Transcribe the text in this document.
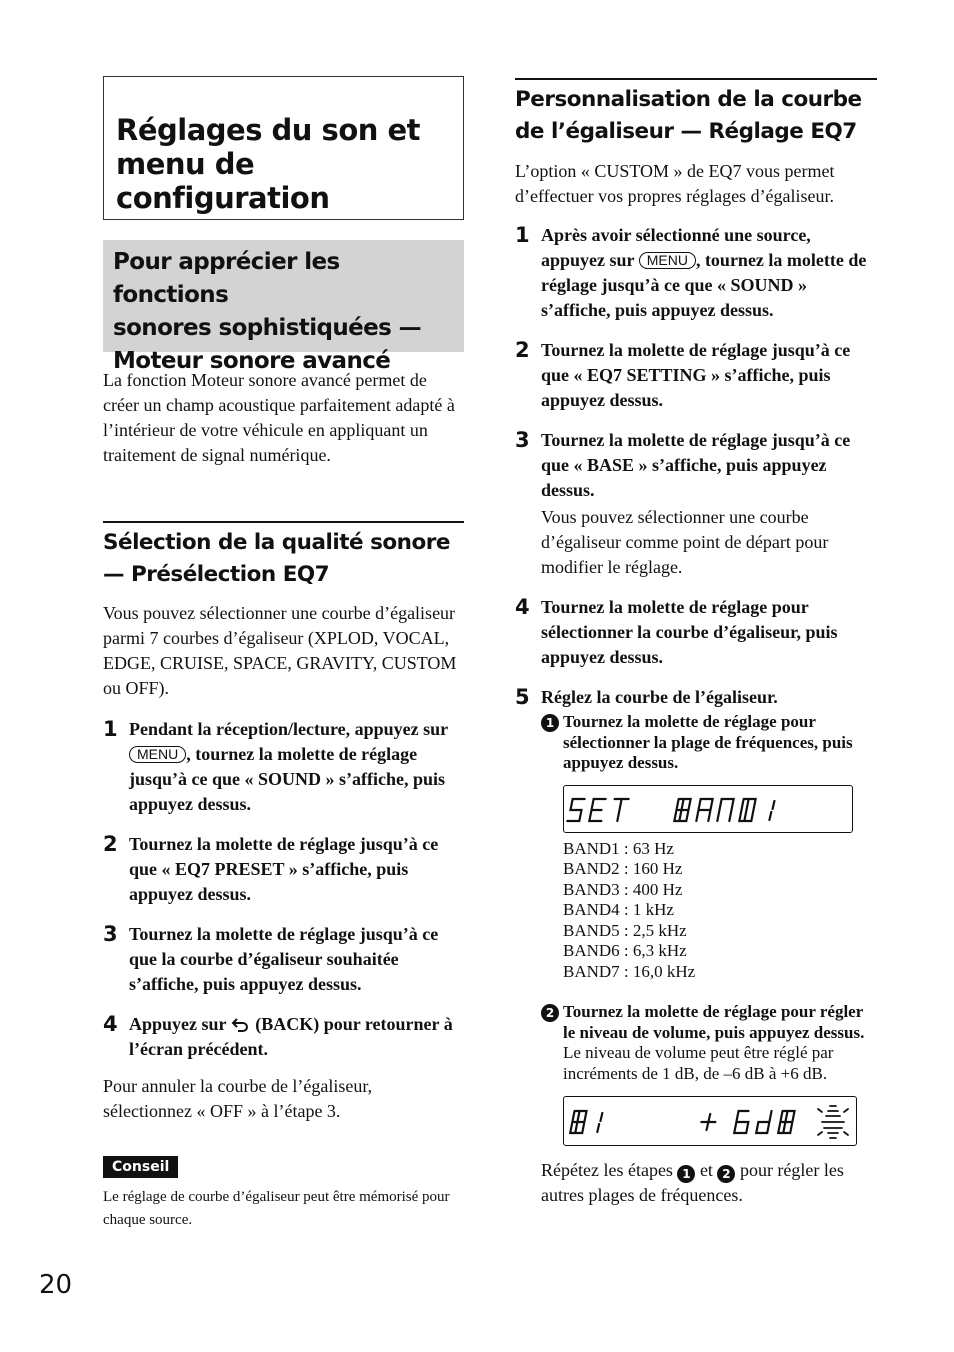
Réglages du son et
menu de
configuration
Pour apprécier les fonctions
sonores sophistiquées —
Moteur sonore avancé

La fonction Moteur sonore avancé permet de créer un champ acoustique parfaitement adapté à l’intérieur de votre véhicule en appliquant un traitement de signal numérique.

Sélection de la qualité sonore
— Présélection EQ7

Vous pouvez sélectionner une courbe d’égaliseur parmi 7 courbes d’égaliseur (XPLOD, VOCAL, EDGE, CRUISE, SPACE, GRAVITY, CUSTOM ou OFF).

1 Pendant la réception/lecture, appuyez sur MENU , tournez la molette de réglage jusqu’à ce que « SOUND » s’affiche, puis appuyez dessus.
2 Tournez la molette de réglage jusqu’à ce que « EQ7 PRESET » s’affiche, puis appuyez dessus.
3 Tournez la molette de réglage jusqu’à ce que la courbe d’égaliseur souhaitée s’affiche, puis appuyez dessus.
4 Appuyez sur  (BACK) pour retourner à l’écran précédent.

Pour annuler la courbe de l’égaliseur, sélectionnez « OFF » à l’étape 3.

Conseil

Le réglage de courbe d’égaliseur peut être mémorisé pour chaque source.

Personnalisation de la courbe
de l’égaliseur — Réglage EQ7

L’option « CUSTOM » de EQ7 vous permet d’effectuer vos propres réglages d’égaliseur.

1 Après avoir sélectionné une source, appuyez sur MENU , tournez la molette de réglage jusqu’à ce que « SOUND » s’affiche, puis appuyez dessus.
2 Tournez la molette de réglage jusqu’à ce que « EQ7 SETTING » s’affiche, puis appuyez dessus.
3 Tournez la molette de réglage jusqu’à ce que « BASE » s’affiche, puis appuyez dessus.

Vous pouvez sélectionner une courbe d’égaliseur comme point de départ pour modifier le réglage.

4 Tournez la molette de réglage pour sélectionner la courbe d’égaliseur, puis appuyez dessus.
5 Réglez la courbe de l’égaliseur.
1 Tournez la molette de réglage pour sélectionner la plage de fréquences, puis appuyez dessus.
BAND1 : 63 Hz
BAND2 : 160 Hz
BAND3 : 400 Hz
BAND4 : 1 kHz
BAND5 : 2,5 kHz
BAND6 : 6,3 kHz
BAND7 : 16,0 kHz
2 Tournez la molette de réglage pour régler le niveau de volume, puis appuyez dessus.
Le niveau de volume peut être réglé par incréments de 1 dB, de –6 dB à +6 dB.

Répétez les étapes 1 et 2 pour régler les autres plages de fréquences.

20
